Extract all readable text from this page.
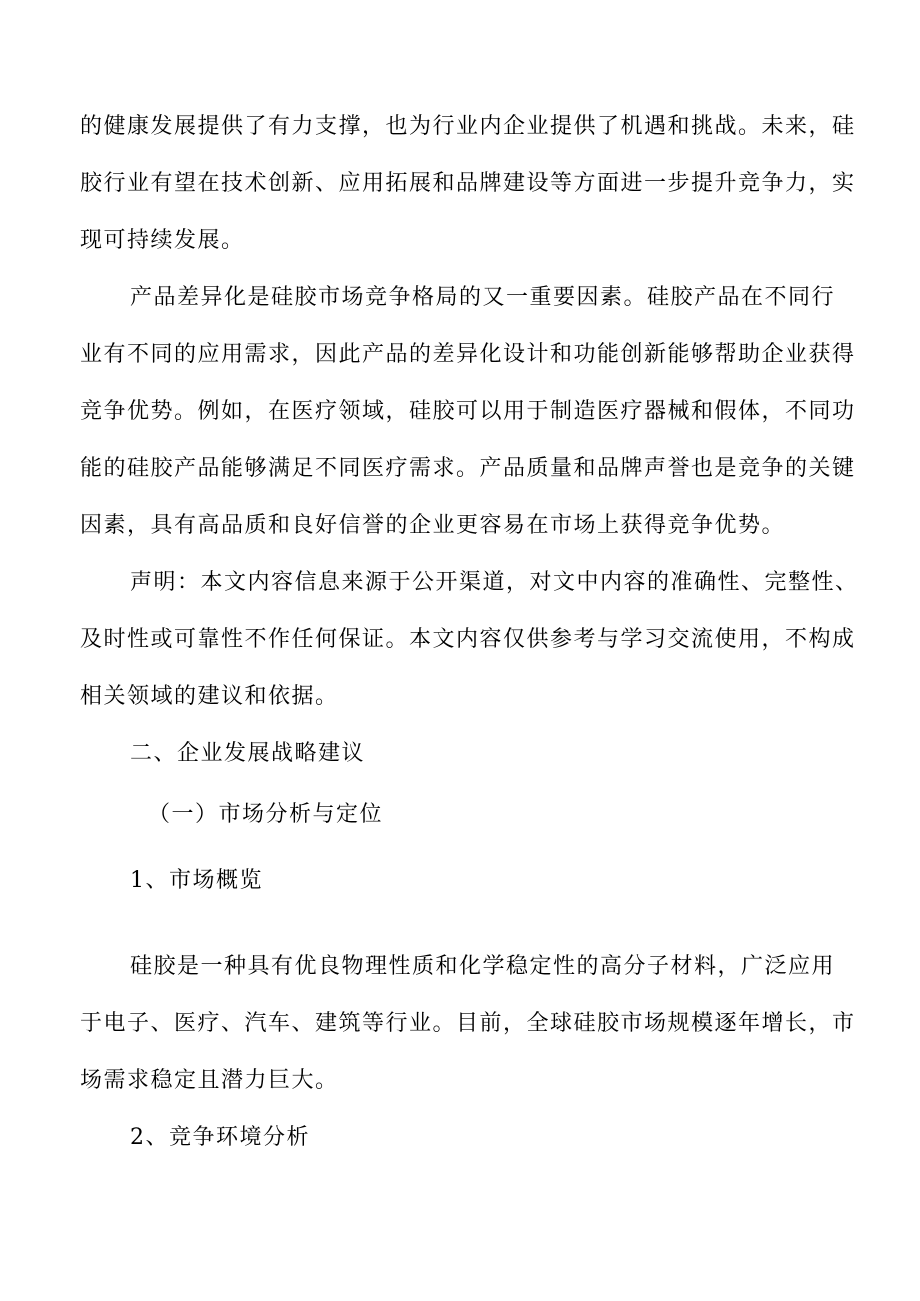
的健康发展提供了有力支撑，也为行业内企业提供了机遇和挑战。未来，硅
胶行业有望在技术创新、应用拓展和品牌建设等方面进一步提升竞争力，实
现可持续发展。

产品差异化是硅胶市场竞争格局的又一重要因素。硅胶产品在不同行
业有不同的应用需求，因此产品的差异化设计和功能创新能够帮助企业获得
竞争优势。例如，在医疗领域，硅胶可以用于制造医疗器械和假体，不同功
能的硅胶产品能够满足不同医疗需求。产品质量和品牌声誉也是竞争的关键
因素，具有高品质和良好信誉的企业更容易在市场上获得竞争优势。

声明：本文内容信息来源于公开渠道，对文中内容的准确性、完整性、
及时性或可靠性不作任何保证。本文内容仅供参考与学习交流使用，不构成
相关领域的建议和依据。

二、企业发展战略建议

（一）市场分析与定位

1、市场概览

硅胶是一种具有优良物理性质和化学稳定性的高分子材料，广泛应用
于电子、医疗、汽车、建筑等行业。目前，全球硅胶市场规模逐年增长，市
场需求稳定且潜力巨大。

2、竞争环境分析
